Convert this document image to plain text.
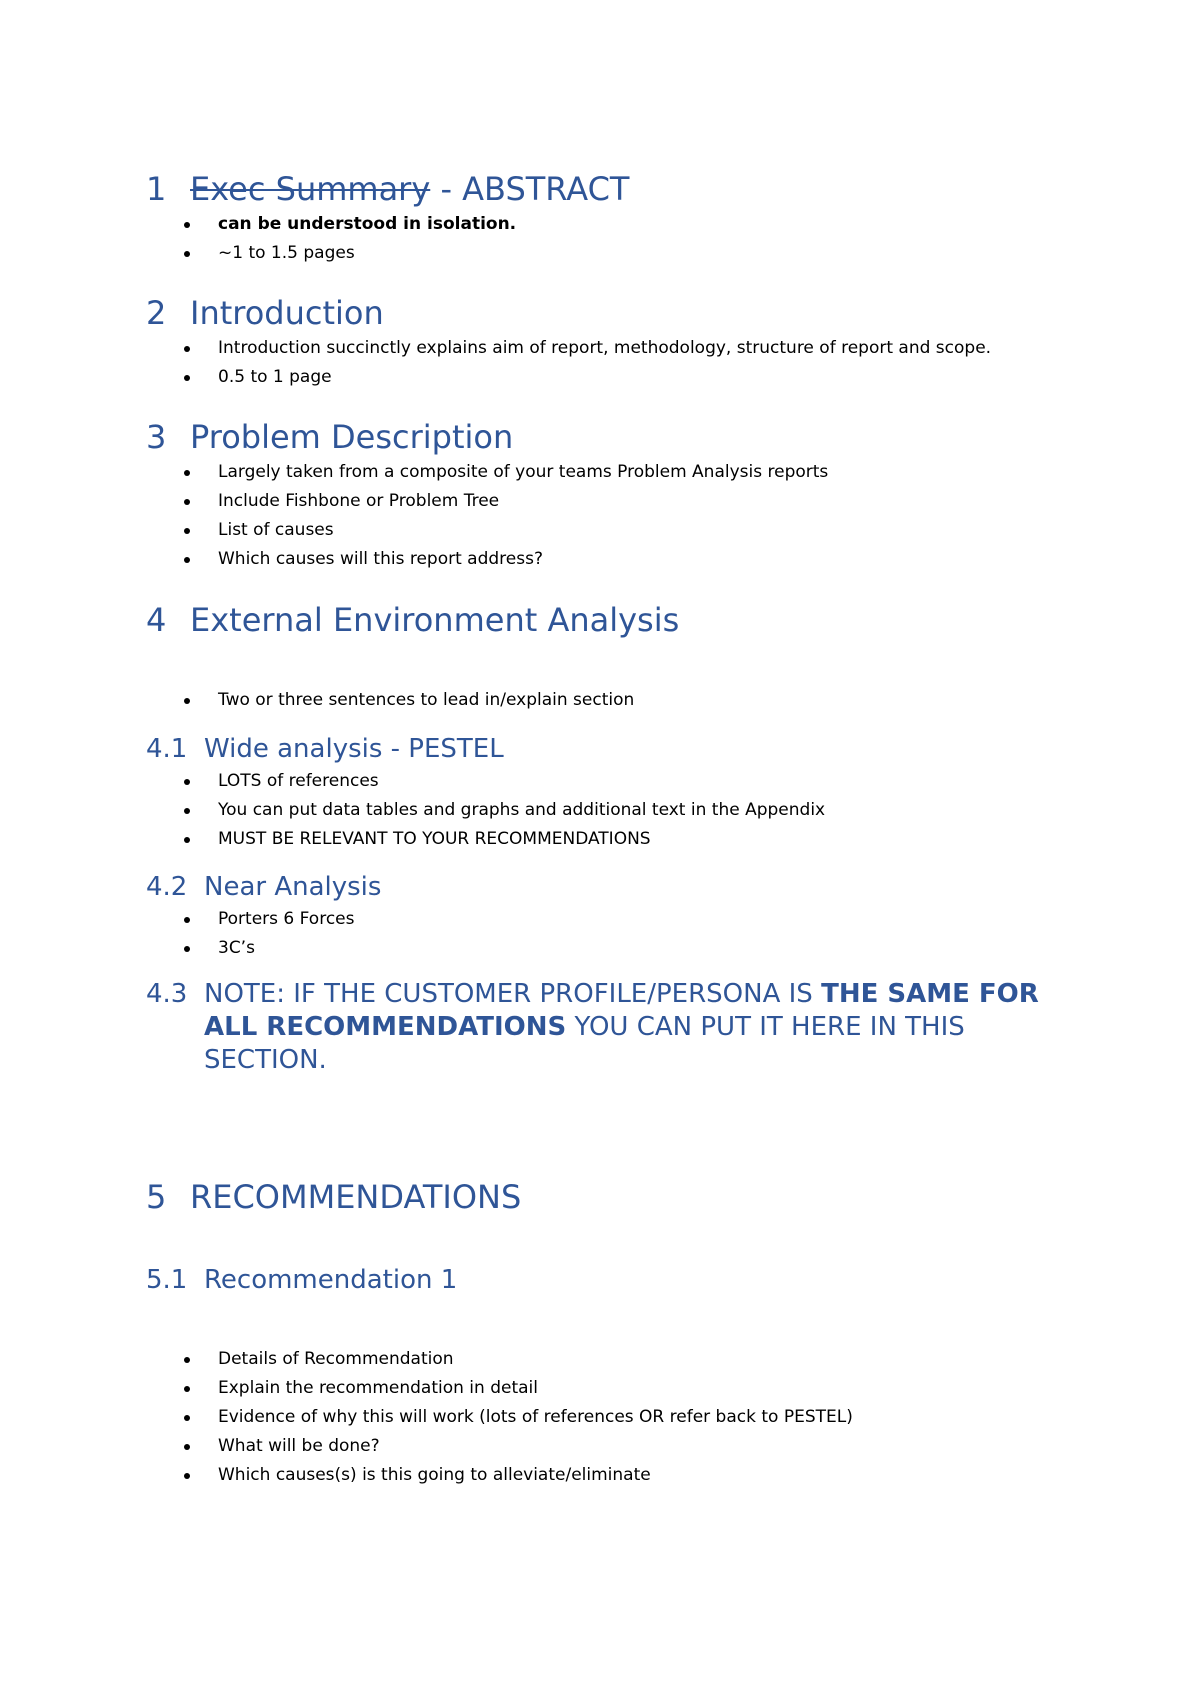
1 Exec Summary - ABSTRACT
can be understood in isolation.
~1 to 1.5 pages
2 Introduction
Introduction succinctly explains aim of report, methodology, structure of report and scope.
0.5 to 1 page
3 Problem Description
Largely taken from a composite of your teams Problem Analysis reports
Include Fishbone or Problem Tree
List of causes
Which causes will this report address?
4 External Environment Analysis
Two or three sentences to lead in/explain section
4.1 Wide analysis - PESTEL
LOTS of references
You can put data tables and graphs and additional text in the Appendix
MUST BE RELEVANT TO YOUR RECOMMENDATIONS
4.2 Near Analysis
Porters 6 Forces
3C’s
4.3 NOTE: IF THE CUSTOMER PROFILE/PERSONA IS THE SAME FOR ALL RECOMMENDATIONS YOU CAN PUT IT HERE IN THIS SECTION.
5 RECOMMENDATIONS
5.1 Recommendation 1
Details of Recommendation
Explain the recommendation in detail
Evidence of why this will work (lots of references OR refer back to PESTEL)
What will be done?
Which causes(s) is this going to alleviate/eliminate
